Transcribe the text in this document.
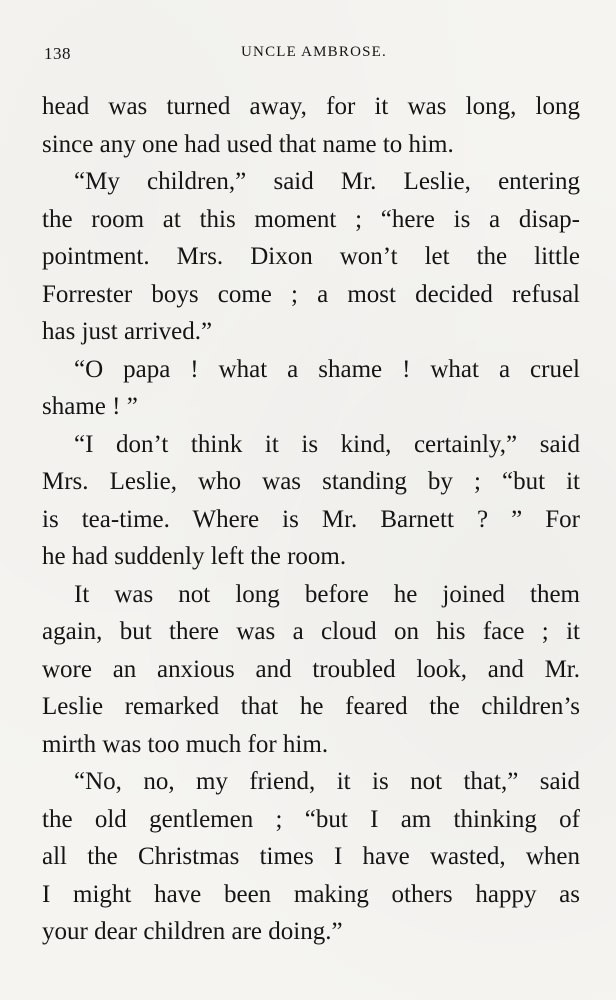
138	UNCLE AMBROSE.
head was turned away, for it was long, long
since any one had used that name to him.
“My children,” said Mr. Leslie, entering
the room at this moment ; “here is a disap-
pointment. Mrs. Dixon won’t let the little
Forrester boys come ; a most decided refusal
has just arrived.”
“O papa ! what a shame ! what a cruel
shame ! ”
“I don’t think it is kind, certainly,” said
Mrs. Leslie, who was standing by ; “but it
is tea-time. Where is Mr. Barnett ? ” For
he had suddenly left the room.
It was not long before he joined them
again, but there was a cloud on his face ; it
wore an anxious and troubled look, and Mr.
Leslie remarked that he feared the children’s
mirth was too much for him.
“No, no, my friend, it is not that,” said
the old gentlemen ; “but I am thinking of
all the Christmas times I have wasted, when
I might have been making others happy as
your dear children are doing.”
